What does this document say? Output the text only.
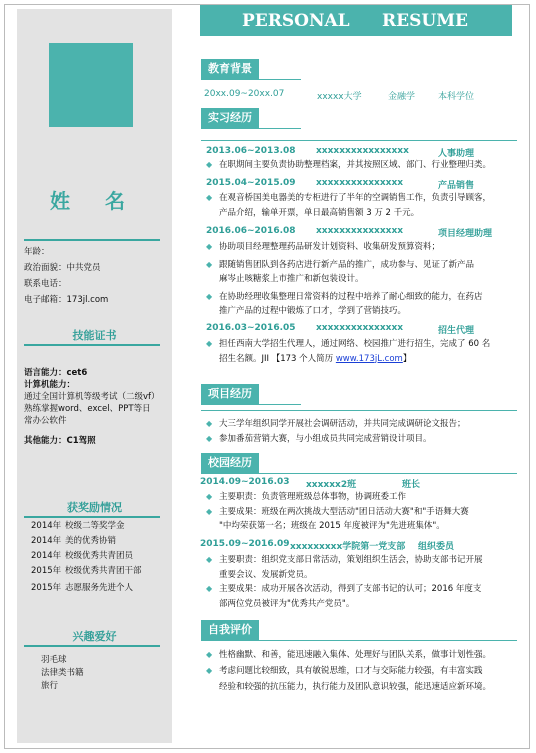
姓 名
年龄：
政治面貌：中共党员
联系电话：
电子邮箱：173jl.com
技能证书
语言能力：cet6
计算机能力：
通过全国计算机等级考试（二级vf）
熟练掌握word、excel、PPT等日
常办公软件
其他能力：C1驾照
获奖励情况
2014年 校级二等奖学金
2014年 美的优秀协销
2014年 校级优秀共青团员
2015年 校级优秀共青团干部
2015年 志愿服务先进个人
兴趣爱好
羽毛球
法律类书籍
旅行
PERSONAL RESUME
教育背景
20xx.09~20xx.07	xxxxx大学	金融学	本科学位
实习经历
2013.06~2013.08 xxxxxxxxxxxxxxxx	人事助理
◆ 在职期间主要负责协助整理档案，并其按照区域、部门、行业整理归类。
2015.04~2015.09 xxxxxxxxxxxxxxx	产品销售
◆ 在观音桥国美电器美的专柜进行了半年的空调销售工作，负责引导顾客，
产品介绍，输单开票，单日最高销售额 3 万 2 千元。
2016.06~2016.08 xxxxxxxxxxxxxxx	项目经理助理
◆ 协助项目经理整理药品研发计划资料、收集研发预算资料；
◆ 跟随销售团队到各药店进行新产品的推广，成功参与、见证了新产品
麻岑止咳糖浆上市推广和新包装设计。
◆ 在协助经理收集整理日常资料的过程中培养了耐心细致的能力，在药店
推广产品的过程中锻炼了口才，学到了营销技巧。
2016.03~2016.05 xxxxxxxxxxxxxxx	招生代理
◆ 担任西南大学招生代理人，通过网络、校园推广进行招生，完成了 60 名
招生名额。JII 【173 个人简历 www.173jL.com】
项目经历
◆ 大三学年组织同学开展社会调研活动，并共同完成调研论文报告；
◆ 参加番茄营销大赛，与小组成员共同完成营销设计项目。
校园经历
2014.09~2016.03 xxxxxx2班	班长
◆ 主要职责：负责管理班级总体事物，协调班委工作
◆ 主要成果：班级在两次挑战大型活动"团日活动大赛"和"手语舞大赛
"中均荣获第一名；班级在 2015 年度被评为"先进班集体"。
2015.09~2016.09 xxxxxxxxx学院第一党支部 组织委员
◆ 主要职责：组织党支部日常活动，策划组织生活会，协助支部书记开展
重要会议、发展新党员。
◆ 主要成果：成功开展各次活动，得到了支部书记的认可；2016 年度支
部两位党员被评为"优秀共产党员"。
自我评价
◆ 性格幽默、和善，能迅速融入集体、处理好与团队关系，做事计划性强。
◆ 考虑问题比较细致，具有敏锐思维，口才与交际能力较强，有丰富实践
经验和较强的抗压能力，执行能力及团队意识较强，能迅速适应新环境。
